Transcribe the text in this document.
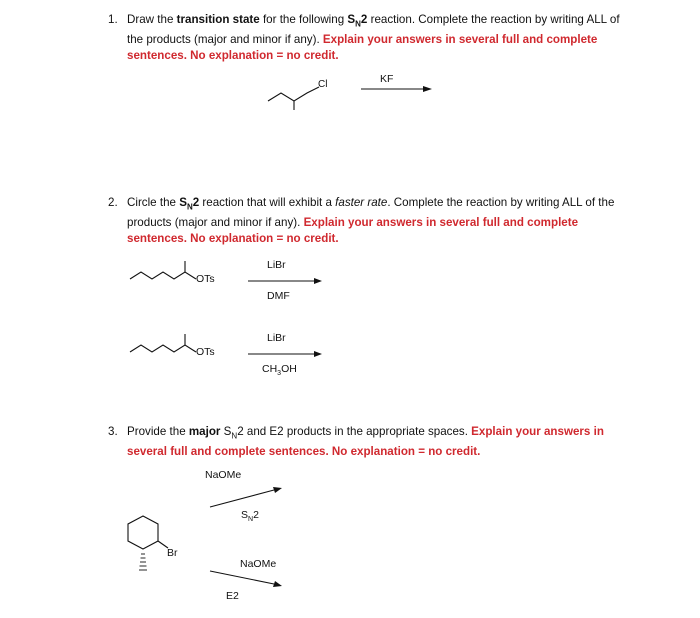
1. Draw the transition state for the following $S_N2$ reaction. Complete the reaction by writing ALL of the products (major and minor if any). Explain your answers in several full and complete sentences. No explanation = no credit.
Cl	KF
2. Circle the $S_N2$ reaction that will exhibit a faster rate. Complete the reaction by writing ALL of the products (major and minor if any). Explain your answers in several full and complete sentences. No explanation = no credit.
OTs
LiBr
DMF
OTs
LiBr
$CH_3OH$
3. Provide the major $S_N2$ and E2 products in the appropriate spaces. Explain your answers in several full and complete sentences. No explanation = no credit.
Br
NaOMe
$S_N2$
NaOMe
E2
